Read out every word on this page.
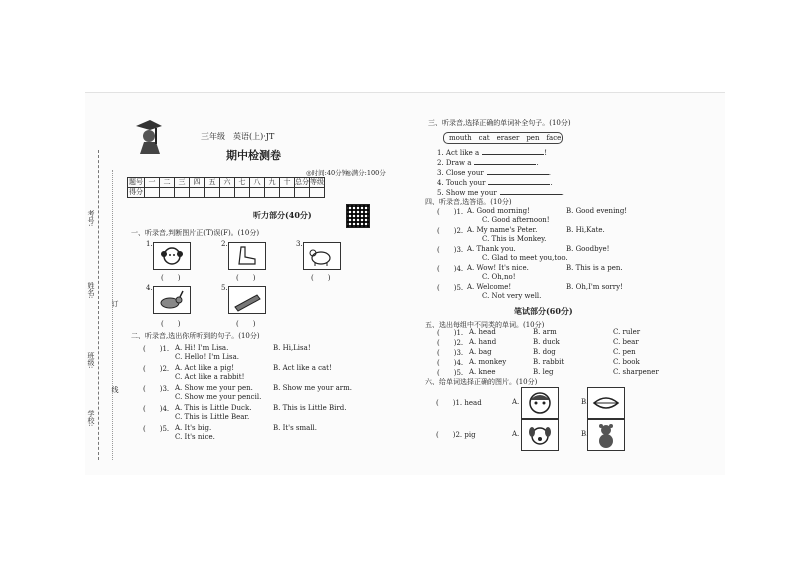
考号:
姓名:
班级:
学校:
订
线
三年级　英语(上)·JT
期中检测卷
◎时间:40分钟
◎满分:100分
题号	一	二	三	四	五	六	七	八	九	十	总分	等级
得分												
听力部分(40分)
一、听录音,判断图片正(T)误(F)。(10分)
1.
(　　)
2.
(　　)
3.
(　　)
4.
(　　)
5.
(　　)
二、听录音,选出你所听到的句子。(10分)
(　　)1. A. Hi! I'm Lisa.	B. Hi,Lisa!
C. Hello! I'm Lisa.
(　　)2. A. Act like a pig!	B. Act like a cat!
C. Act like a rabbit!
(　　)3. A. Show me your pen.	B. Show me your arm.
C. Show me your pencil.
(　　)4. A. This is Little Duck.	B. This is Little Bird.
C. This is Little Bear.
(　　)5. A. It's big.	B. It's small.
C. It's nice.
三、听录音,选择正确的单词补全句子。(10分)
mouth　cat　eraser　pen　face
1. Act like a	!
2. Draw a	.
3. Close your	.
4. Touch your	.
5. Show me your	.
四、听录音,选答语。(10分)
(　　)1. A. Good morning!	B. Good evening!
C. Good afternoon!
(　　)2. A. My name's Peter.	B. Hi,Kate.
C. This is Monkey.
(　　)3. A. Thank you.	B. Goodbye!
C. Glad to meet you,too.
(　　)4. A. Wow! It's nice.	B. This is a pen.
C. Oh,no!
(　　)5. A. Welcome!	B. Oh,I'm sorry!
C. Not very well.
笔试部分(60分)
五、选出每组中不同类的单词。(10分)
(　　)1. A. head	B. arm	C. ruler
(　　)2. A. hand	B. duck	C. bear
(　　)3. A. bag	B. dog	C. pen
(　　)4. A. monkey	B. rabbit	C. book
(　　)5. A. knee	B. leg	C. sharpener
六、给单词选择正确的图片。(10分)
(　　)1. head	A.	B.
(　　)2. pig	A.	B.
